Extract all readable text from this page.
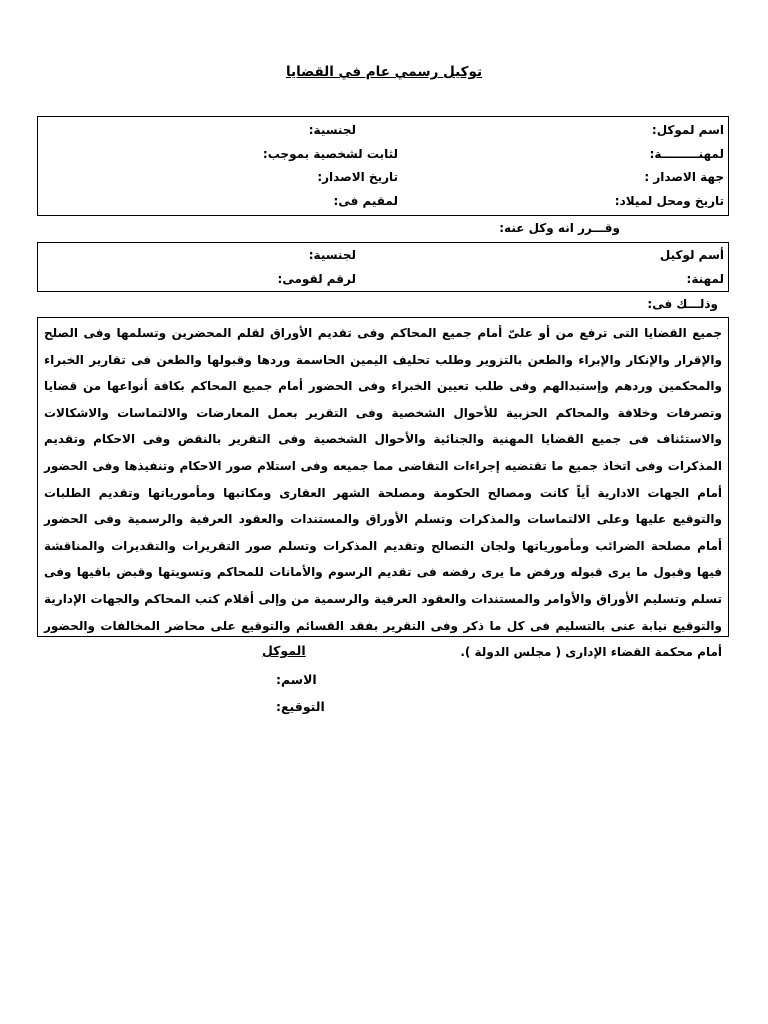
توكيل رسمي عام في القضايا
اسم لموكل:
لجنسية:
لمهنـــــــــة:
لثابت لشخصية بموجب:
جهة الاصدار :
تاريخ الاصدار:
تاريخ ومحل لميلاد:
لمقيم فى:
وقـــرر انه وكل عنه:
أسم لوكيل
لجنسية:
لمهنة:
لرقم لقومى:
وذلـــك فى:
جميع القضايا التى ترفع من أو علىّ أمام جميع المحاكم وفى تقديم الأوراق لقلم المحضرين وتسلمها وفى الصلح والإقرار والإنكار والإبراء والطعن بالتزوير وطلب تحليف اليمين الحاسمة وردها وقبولها والطعن فى تقارير الخبراء والمحكمين وردهم وإستبدالهم وفى طلب تعيين الخبراء وفى الحضور أمام جميع المحاكم بكافة أنواعها من قضايا وتصرفات وخلافة والمحاكم الحزبية للأحوال الشخصية وفى التقرير بعمل المعارضات والالتماسات والاشكالات والاستئناف فى جميع القضايا المهنية والجنائية والأحوال الشخصية وفى التقرير بالنقض وفى الاحكام وتقديم المذكرات وفى اتخاذ جميع ما تقتضيه إجراءات التقاضى مما جميعه وفى استلام صور الاحكام وتنفيذها وفى الحضور أمام الجهات الادارية أياً كانت ومصالح الحكومة ومصلحة الشهر العقارى ومكاتبها ومأمورياتها وتقديم الطلبات والتوقيع عليها وعلى الالتماسات والمذكرات وتسلم الأوراق والمستندات والعقود العرفية والرسمية وفى الحضور أمام مصلحة الضرائب ومأمورياتها ولجان التصالح وتقديم المذكرات وتسلم صور التقريرات والتقديرات والمناقشة فيها وقبول ما يرى قبوله ورفض ما يرى رفضه فى تقديم الرسوم والأمانات للمحاكم وتسويتها وقبض باقيها وفى تسلم وتسليم الأوراق والأوامر والمستندات والعقود العرفية والرسمية من وإلى أقلام كتب المحاكم والجهات الإدارية والتوقيع نيابة عنى بالتسليم فى كل ما ذكر وفى التقرير بفقد القسائم والتوقيع على محاضر المخالفات والحضور أمام محكمة القضاء الإدارى ( مجلس الدولة ).
الموكل
الاسم:
التوقيع:
